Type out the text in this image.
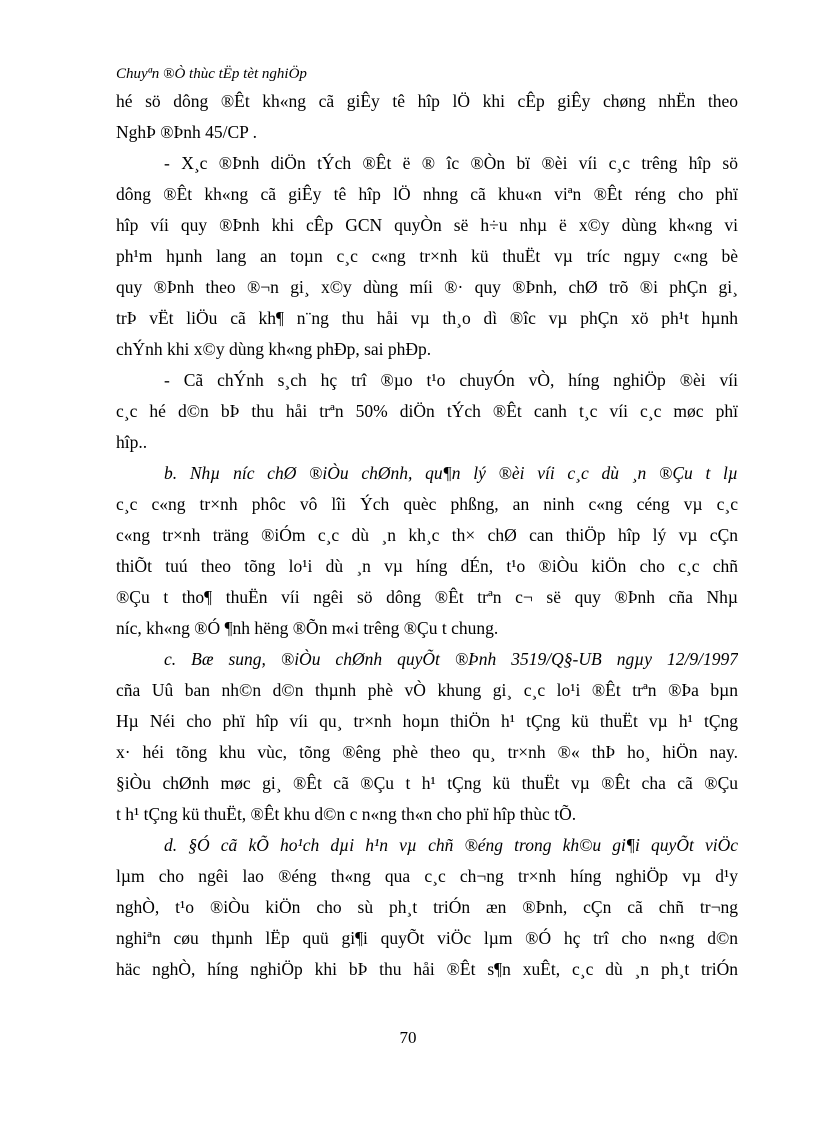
Chuyªn ®Ò thùc tËp tèt nghiÖp
hé sö dông ®Êt kh«ng cã giÊy tê hîp lÖ khi cÊp giÊy chøng nhËn theo
NghÞ ®Þnh 45/CP .
- X¸c ®Þnh diÖn tÝch ®Êt ë ® îc ®Òn bï ®èi víi c¸c trêng hîp sö
dông ®Êt kh«ng cã giÊy tê hîp lÖ nhng cã khu«n viªn ®Êt réng cho phï
hîp víi quy ®Þnh khi cÊp GCN quyÒn së h÷u nhµ ë x©y dùng kh«ng vi
ph¹m hµnh lang an toµn c¸c c«ng tr×nh kü thuËt vµ tríc ngµy c«ng bè
quy ®Þnh theo ®¬n gi¸ x©y dùng míi ®· quy ®Þnh, chØ trõ ®i phÇn gi¸
trÞ vËt liÖu cã kh¶ n¨ng thu håi vµ th¸o dì ®îc vµ phÇn xö ph¹t hµnh
chÝnh khi x©y dùng kh«ng phÐp, sai phÐp.
- Cã chÝnh s¸ch hç trî ®µo t¹o chuyÓn vÒ, híng nghiÖp ®èi víi
c¸c hé d©n bÞ thu håi trªn 50% diÖn tÝch ®Êt canh t¸c víi c¸c møc phï
hîp..
b. Nhµ níc chØ ®iÒu chØnh, qu¶n lý ®èi víi c¸c dù ¸n ®Çu t lµ
c¸c c«ng tr×nh phôc vô lîi Ých quèc phßng, an ninh c«ng céng vµ c¸c
c«ng tr×nh träng ®iÓm c¸c dù ¸n kh¸c th× chØ can thiÖp hîp lý vµ cÇn
thiÕt tuú theo tõng lo¹i dù ¸n vµ híng dÉn, t¹o ®iÒu kiÖn cho c¸c chñ
®Çu t tho¶ thuËn víi ngêi sö dông ®Êt trªn c¬ së quy ®Þnh cña Nhµ
níc, kh«ng ®Ó ¶nh hëng ®Õn m«i trêng ®Çu t chung.
c. Bæ sung, ®iÒu chØnh quyÕt ®Þnh 3519/Q§-UB ngµy 12/9/1997
cña Uû ban nh©n d©n thµnh phè vÒ khung gi¸ c¸c lo¹i ®Êt trªn ®Þa bµn
Hµ Néi cho phï hîp víi qu¸ tr×nh hoµn thiÖn h¹ tÇng kü thuËt vµ h¹ tÇng
x· héi tõng khu vùc, tõng ®êng phè theo qu¸ tr×nh ®« thÞ ho¸ hiÖn nay.
§iÒu chØnh møc gi¸ ®Êt cã ®Çu t h¹ tÇng kü thuËt vµ ®Êt cha cã ®Çu
t h¹ tÇng kü thuËt, ®Êt khu d©n c n«ng th«n cho phï hîp thùc tÕ.
d. §Ó cã kÕ ho¹ch dµi h¹n vµ chñ ®éng trong kh©u gi¶i quyÕt viÖc
lµm cho ngêi lao ®éng th«ng qua c¸c ch¬ng tr×nh híng nghiÖp vµ d¹y
nghÒ, t¹o ®iÒu kiÖn cho sù ph¸t triÓn æn ®Þnh, cÇn cã chñ tr¬ng
nghiªn cøu thµnh lËp quü gi¶i quyÕt viÖc lµm ®Ó hç trî cho n«ng d©n
häc nghÒ, híng nghiÖp khi bÞ thu håi ®Êt s¶n xuÊt, c¸c dù ¸n ph¸t triÓn
70
